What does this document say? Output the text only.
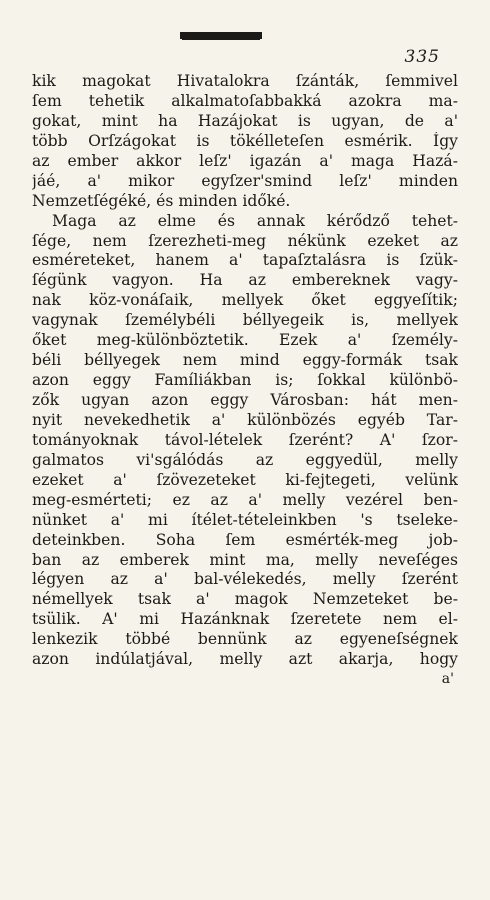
335
kik magokat Hivatalokra ſzánták, ſemmivel
ſem tehetik alkalmatoſabbakká azokra ma-
gokat, mint ha Hazájokat is ugyan, de a'
több Orſzágokat is tökélleteſen esmérik. Így
az ember akkor leſz' igazán a' maga Hazá-
jáé, a' mikor egyſzer'smind leſz' minden
Nemzetſégéké, és minden időké.
Maga az elme és annak kérődző tehet-
ſége, nem ſzerezheti-meg nékünk ezeket az
esméreteket, hanem a' tapaſztalásra is ſzük-
ſégünk vagyon. Ha az embereknek vagy-
nak köz-vonáſaik, mellyek őket eggyeſítik;
vagynak ſzemélybéli béllyegeik is, mellyek
őket meg-különböztetik. Ezek a' ſzemély-
béli béllyegek nem mind eggy-formák tsak
azon eggy Famíliákban is; ſokkal különbö-
zők ugyan azon eggy Városban: hát men-
nyit nevekedhetik a' különbözés egyéb Tar-
tományoknak távol-lételek ſzerént? A' ſzor-
galmatos vi'sgálódás az eggyedül, melly
ezeket a' ſzövezeteket ki-fejtegeti, velünk
meg-esmérteti; ez az a' melly vezérel ben-
nünket a' mi ítélet-tételeinkben 's tseleke-
deteinkben. Soha ſem esmérték-meg job-
ban az emberek mint ma, melly neveſéges
légyen az a' bal-vélekedés, melly ſzerént
némellyek tsak a' magok Nemzeteket be-
tsülik. A' mi Hazánknak ſzeretete nem el-
lenkezik többé bennünk az egyeneſségnek
azon indúlatjával, melly azt akarja, hogy
a'
